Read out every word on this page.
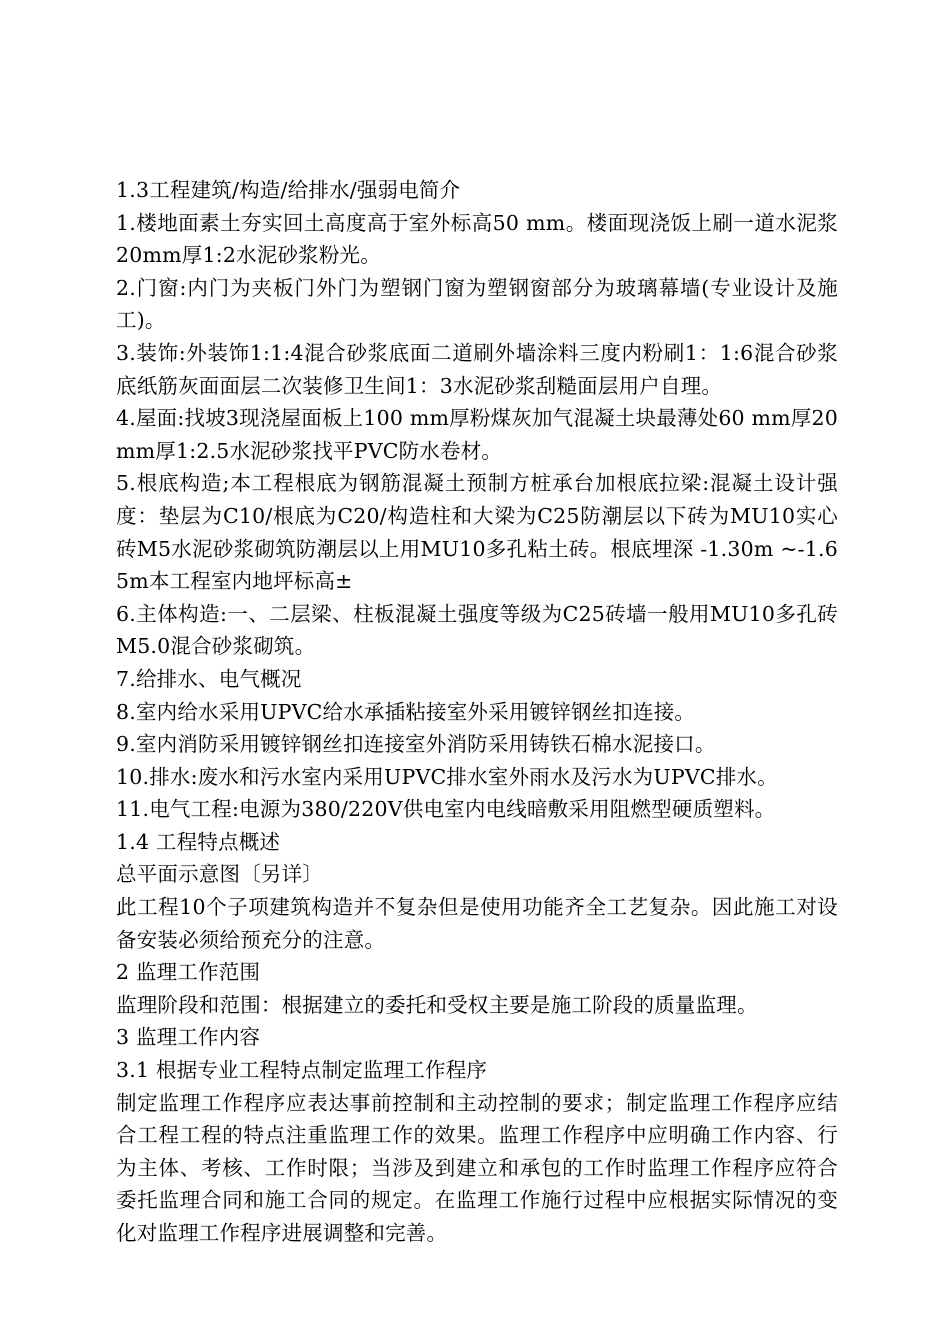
1.3工程建筑/构造/给排水/强弱电简介

1.楼地面素土夯实回土高度高于室外标高50 mm。楼面现浇饭上刷一道水泥浆20mm厚1:2水泥砂浆粉光。

2.门窗:内门为夹板门外门为塑钢门窗为塑钢窗部分为玻璃幕墙(专业设计及施工)。

3.装饰:外装饰1:1:4混合砂浆底面二道刷外墙涂料三度内粉刷1：1:6混合砂浆底纸筋灰面面层二次装修卫生间1：3水泥砂浆刮糙面层用户自理。

4.屋面:找坡3现浇屋面板上100 mm厚粉煤灰加气混凝土块最薄处60 mm厚20 mm厚1:2.5水泥砂浆找平PVC防水卷材。

5.根底构造;本工程根底为钢筋混凝土预制方桩承台加根底拉梁:混凝土设计强度：垫层为C10/根底为C20/构造柱和大梁为C25防潮层以下砖为MU10实心砖M5水泥砂浆砌筑防潮层以上用MU10多孔粘土砖。根底埋深 -1.30m ~-1.65m本工程室内地坪标高±

6.主体构造:一、二层梁、柱板混凝土强度等级为C25砖墙一般用MU10多孔砖M5.0混合砂浆砌筑。

7.给排水、电气概况

8.室内给水采用UPVC给水承插粘接室外采用镀锌钢丝扣连接。

9.室内消防采用镀锌钢丝扣连接室外消防采用铸铁石棉水泥接口。

10.排水:废水和污水室内采用UPVC排水室外雨水及污水为UPVC排水。

11.电气工程:电源为380/220V供电室内电线暗敷采用阻燃型硬质塑料。

1.4 工程特点概述

总平面示意图〔另详〕

此工程10个子项建筑构造并不复杂但是使用功能齐全工艺复杂。因此施工对设备安装必须给预充分的注意。

2 监理工作范围

监理阶段和范围：根据建立的委托和受权主要是施工阶段的质量监理。

3 监理工作内容

3.1 根据专业工程特点制定监理工作程序

制定监理工作程序应表达事前控制和主动控制的要求；制定监理工作程序应结合工程工程的特点注重监理工作的效果。监理工作程序中应明确工作内容、行为主体、考核、工作时限；当涉及到建立和承包的工作时监理工作程序应符合委托监理合同和施工合同的规定。在监理工作施行过程中应根据实际情况的变化对监理工作程序进展调整和完善。
